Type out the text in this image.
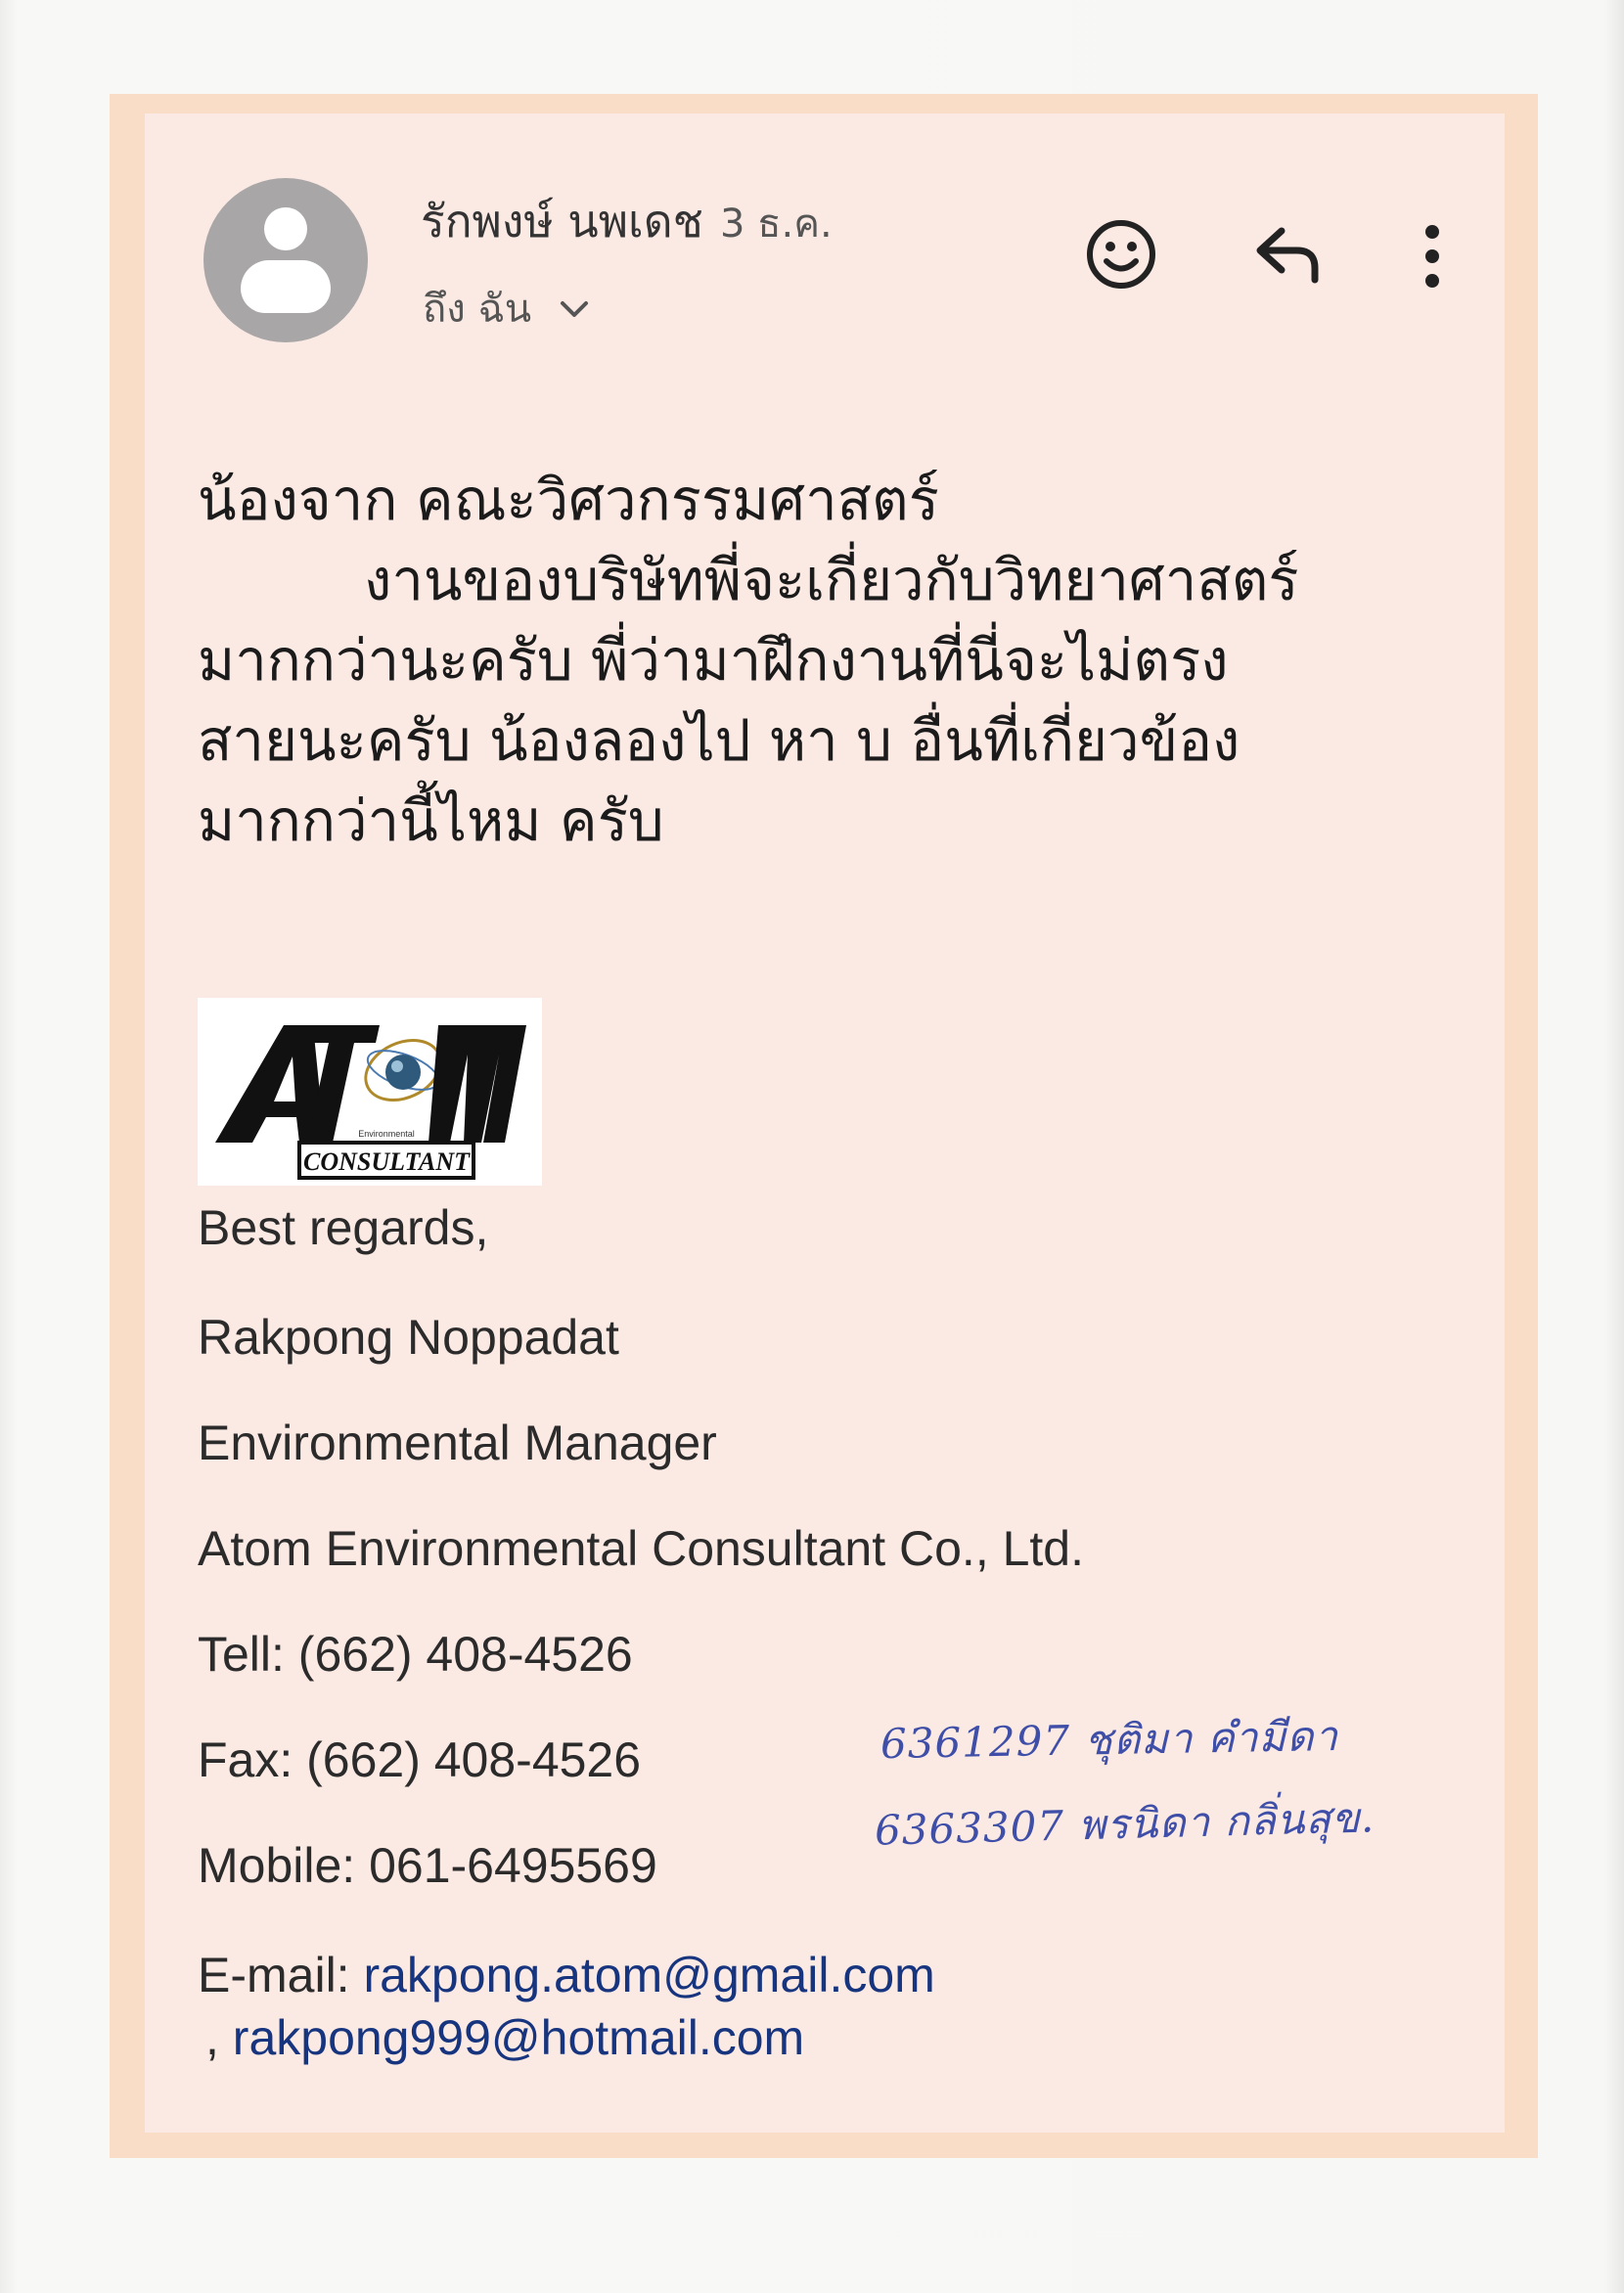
รักพงษ์ นพเดช 3 ธ.ค.
ถึง ฉัน
น้องจาก คณะวิศวกรรมศาสตร์
งานของบริษัทพี่จะเกี่ยวกับวิทยาศาสตร์
มากกว่านะครับ พี่ว่ามาฝึกงานที่นี่จะไม่ตรง
สายนะครับ น้องลองไป หา บ อื่นที่เกี่ยวข้อง
มากกว่านี้ไหม ครับ
Environmental
CONSULTANT
Best regards,
Rakpong Noppadat
Environmental Manager
Atom Environmental Consultant Co., Ltd.
Tell: (662) 408-4526
Fax: (662) 408-4526
Mobile: 061-6495569
E-mail: rakpong.atom@gmail.com
, rakpong999@hotmail.com
6361297 ชุติมา คำมีดา
6363307 พรนิดา กลิ่นสุข.
